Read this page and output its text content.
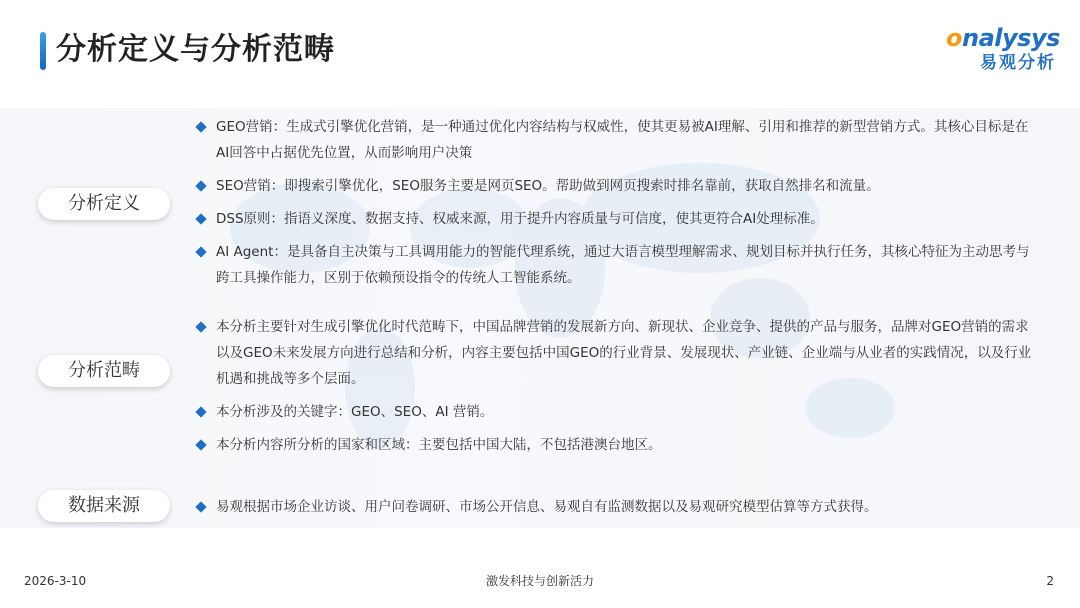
分析定义与分析范畴	onalysys
易观分析
分析定义
GEO营销：生成式引擎优化营销，是一种通过优化内容结构与权威性，使其更易被AI理解、引用和推荐的新型营销方式。其核心目标是在AI回答中占据优先位置，从而影响用户决策
SEO营销：即搜索引擎优化，SEO服务主要是网页SEO。帮助做到网页搜索时排名靠前，获取自然排名和流量。
DSS原则：指语义深度、数据支持、权威来源，用于提升内容质量与可信度，使其更符合AI处理标准。
AI Agent：是具备自主决策与工具调用能力的智能代理系统，通过大语言模型理解需求、规划目标并执行任务，其核心特征为主动思考与跨工具操作能力，区别于依赖预设指令的传统人工智能系统。
分析范畴
本分析主要针对生成引擎优化时代范畴下，中国品牌营销的发展新方向、新现状、企业竞争、提供的产品与服务，品牌对GEO营销的需求以及GEO未来发展方向进行总结和分析，内容主要包括中国GEO的行业背景、发展现状、产业链、企业端与从业者的实践情况，以及行业机遇和挑战等多个层面。
本分析涉及的关键字：GEO、SEO、AI 营销。
本分析内容所分析的国家和区域：主要包括中国大陆，不包括港澳台地区。
数据来源	易观根据市场企业访谈、用户问卷调研、市场公开信息、易观自有监测数据以及易观研究模型估算等方式获得。
2026-3-10	激发科技与创新活力	2
